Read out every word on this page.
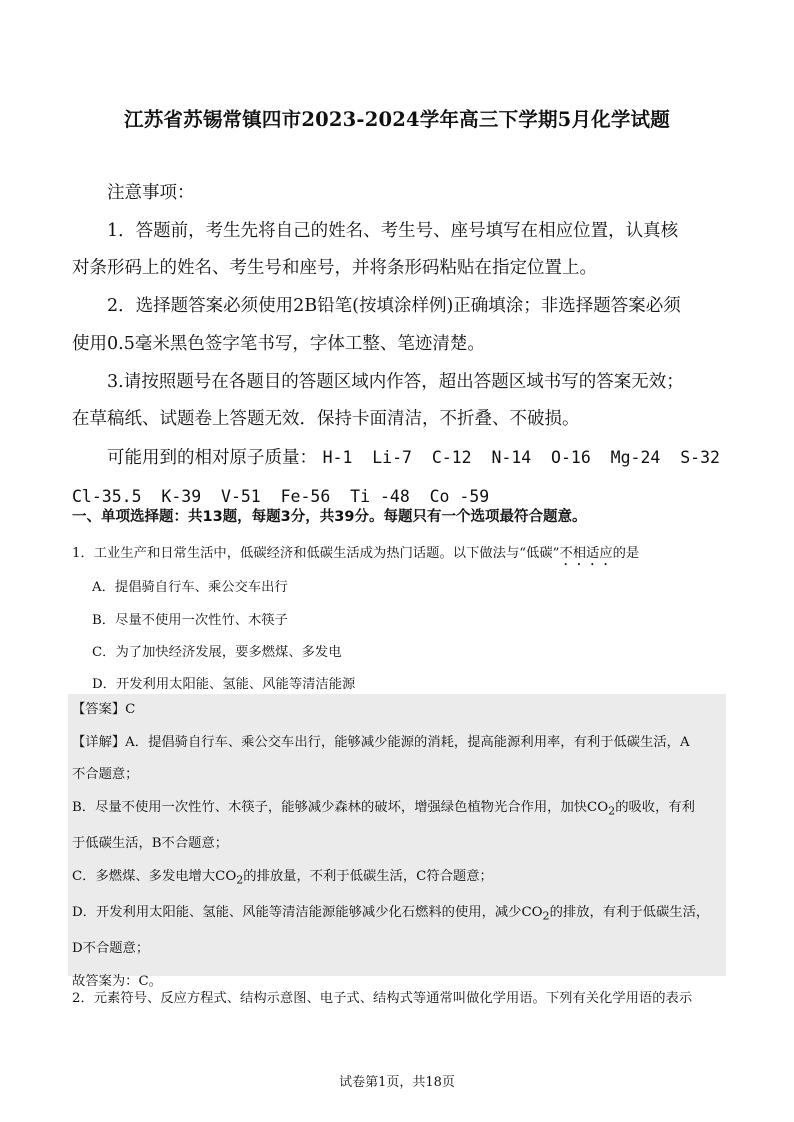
江苏省苏锡常镇四市2023-2024学年高三下学期5月化学试题

注意事项：

1．答题前，考生先将自己的姓名、考生号、座号填写在相应位置，认真核

对条形码上的姓名、考生号和座号，并将条形码粘贴在指定位置上。

2．选择题答案必须使用2B铅笔(按填涂样例)正确填涂；非选择题答案必须

使用0.5毫米黑色签字笔书写，字体工整、笔迹清楚。

3.请按照题号在各题目的答题区域内作答，超出答题区域书写的答案无效；

在草稿纸、试题卷上答题无效．保持卡面清洁，不折叠、不破损。

可能用到的相对原子质量： H-1  Li-7  C-12  N-14  O-16  Mg-24  S-32

Cl-35.5  K-39  V-51  Fe-56  Ti -48  Co -59

一、单项选择题：共13题，每题3分，共39分。每题只有一个选项最符合题意。
1．工业生产和日常生活中，低碳经济和低碳生活成为热门话题。以下做法与“低碳”不相适应的是
A．提倡骑自行车、乘公交车出行
B．尽量不使用一次性竹、木筷子
C．为了加快经济发展，要多燃煤、多发电
D．开发利用太阳能、氢能、风能等清洁能源

【答案】C

【详解】A．提倡骑自行车、乘公交车出行，能够减少能源的消耗，提高能源利用率，有利于低碳生活，A

不合题意；

B．尽量不使用一次性竹、木筷子，能够减少森林的破坏，增强绿色植物光合作用，加快$CO_2$的吸收，有利

于低碳生活，B不合题意；

C．多燃煤、多发电增大$CO_2$的排放量，不利于低碳生活，C符合题意；

D．开发利用太阳能、氢能、风能等清洁能源能够减少化石燃料的使用，减少$CO_2$的排放，有利于低碳生活，

D不合题意；

故答案为：C。

2．元素符号、反应方程式、结构示意图、电子式、结构式等通常叫做化学用语。下列有关化学用语的表示
试卷第1页，共18页
